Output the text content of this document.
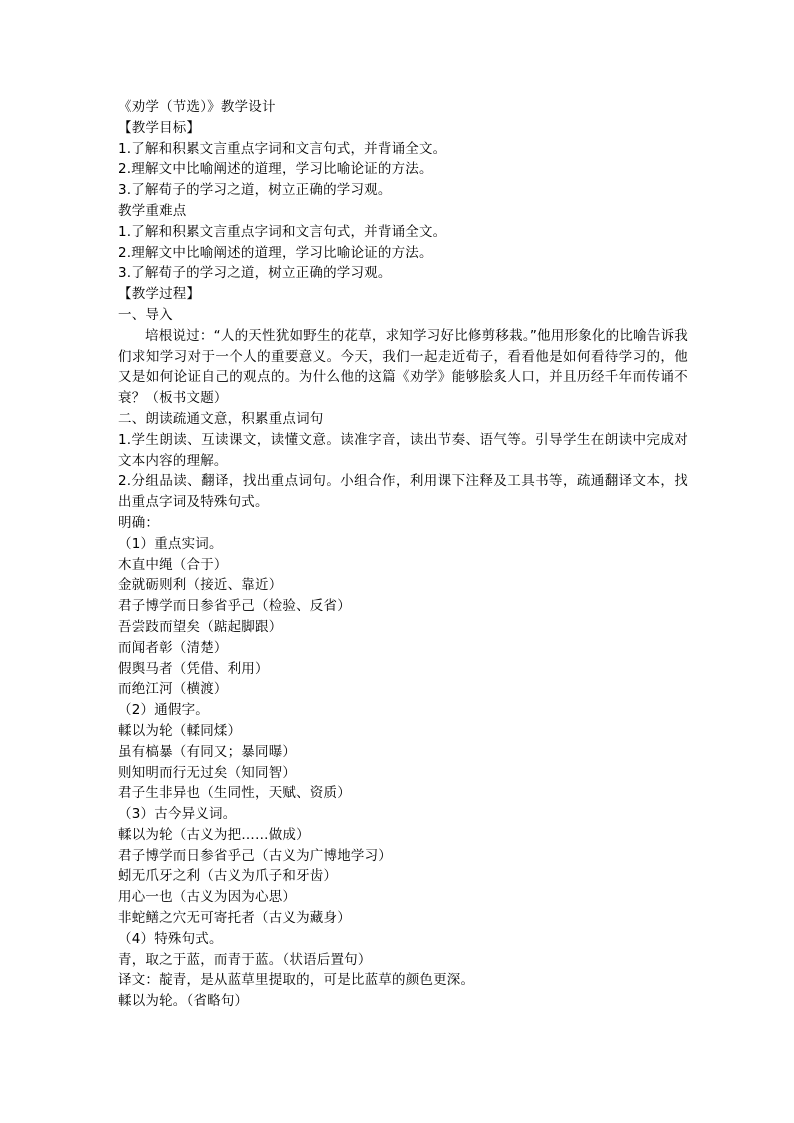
《劝学（节选）》教学设计
【教学目标】
1.了解和积累文言重点字词和文言句式，并背诵全文。
2.理解文中比喻阐述的道理，学习比喻论证的方法。
3.了解荀子的学习之道，树立正确的学习观。
教学重难点
1.了解和积累文言重点字词和文言句式，并背诵全文。
2.理解文中比喻阐述的道理，学习比喻论证的方法。
3.了解荀子的学习之道，树立正确的学习观。
【教学过程】
一、导入
培根说过：“人的天性犹如野生的花草，求知学习好比修剪移栽。”他用形象化的比喻告诉我们求知学习对于一个人的重要意义。今天，我们一起走近荀子，看看他是如何看待学习的，他又是如何论证自己的观点的。为什么他的这篇《劝学》能够脍炙人口，并且历经千年而传诵不衰？（板书文题）
二、朗读疏通文意，积累重点词句
1.学生朗读、互读课文，读懂文意。读准字音，读出节奏、语气等。引导学生在朗读中完成对文本内容的理解。
2.分组品读、翻译，找出重点词句。小组合作，利用课下注释及工具书等，疏通翻译文本，找出重点字词及特殊句式。
明确：
（1）重点实词。
木直中绳（合于）
金就砺则利（接近、靠近）
君子博学而日参省乎己（检验、反省）
吾尝跂而望矣（踮起脚跟）
而闻者彰（清楚）
假舆马者（凭借、利用）
而绝江河（横渡）
（2）通假字。
輮以为轮（輮同煣）
虽有槁暴（有同又；暴同曝）
则知明而行无过矣（知同智）
君子生非异也（生同性，天赋、资质）
（3）古今异义词。
輮以为轮（古义为把……做成）
君子博学而日参省乎己（古义为广博地学习）
蚓无爪牙之利（古义为爪子和牙齿）
用心一也（古义为因为心思）
非蛇鳝之穴无可寄托者（古义为藏身）
（4）特殊句式。
青，取之于蓝，而青于蓝。（状语后置句）
译文：靛青，是从蓝草里提取的，可是比蓝草的颜色更深。
輮以为轮。（省略句）
